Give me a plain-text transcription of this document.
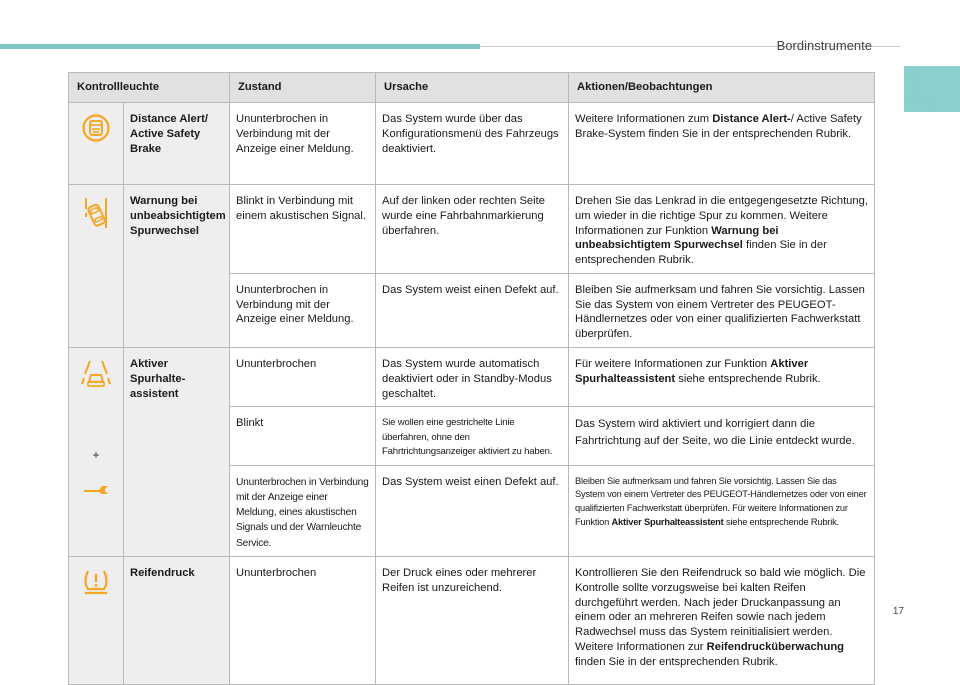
Bordinstrumente
1
Kontrollleuchte		Zustand	Ursache	Aktionen/Beobachtungen

	Distance Alert/ Active Safety Brake	Ununterbrochen in Verbindung mit der Anzeige einer Meldung.	Das System wurde über das Konfigurationsmenü des Fahrzeugs deaktiviert.	Weitere Informationen zum Distance Alert-/ Active Safety Brake-System finden Sie in der entsprechenden Rubrik.

	Warnung bei unbeabsichtigtem Spurwechsel	Blinkt in Verbindung mit einem akustischen Signal.	Auf der linken oder rechten Seite wurde eine Fahrbahnmarkierung überfahren.	Drehen Sie das Lenkrad in die entgegengesetzte Richtung, um wieder in die richtige Spur zu kommen. Weitere Informationen zur Funktion Warnung bei unbeabsichtigtem Spurwechsel finden Sie in der entsprechenden Rubrik.
		Ununterbrochen in Verbindung mit der Anzeige einer Meldung.	Das System weist einen Defekt auf.	Bleiben Sie aufmerksam und fahren Sie vorsichtig. Lassen Sie das System von einem Vertreter des PEUGEOT-Händlernetzes oder von einer qualifizierten Fachwerkstatt überprüfen.

+	Aktiver Spurhalte-assistent	Ununterbrochen	Das System wurde automatisch deaktiviert oder in Standby-Modus geschaltet.	Für weitere Informationen zur Funktion Aktiver Spurhalteassistent siehe entsprechende Rubrik.
		Blinkt	Sie wollen eine gestrichelte Linie überfahren, ohne den Fahrtrichtungsanzeiger aktiviert zu haben.	Das System wird aktiviert und korrigiert dann die Fahrtrichtung auf der Seite, wo die Linie entdeckt wurde.
		Ununterbrochen in Verbindung mit der Anzeige einer Meldung, eines akustischen Signals und der Warnleuchte Service.	Das System weist einen Defekt auf.	Bleiben Sie aufmerksam und fahren Sie vorsichtig. Lassen Sie das System von einem Vertreter des PEUGEOT-Händlernetzes oder von einer qualifizierten Fachwerkstatt überprüfen. Für weitere Informationen zur Funktion Aktiver Spurhalteassistent siehe entsprechende Rubrik.

	Reifendruck	Ununterbrochen	Der Druck eines oder mehrerer Reifen ist unzureichend.	Kontrollieren Sie den Reifendruck so bald wie möglich. Die Kontrolle sollte vorzugsweise bei kalten Reifen durchgeführt werden. Nach jeder Druckanpassung an einem oder an mehreren Reifen sowie nach jedem Radwechsel muss das System reinitialisiert werden. Weitere Informationen zur Reifendrucküberwachung finden Sie in der entsprechenden Rubrik.
17
